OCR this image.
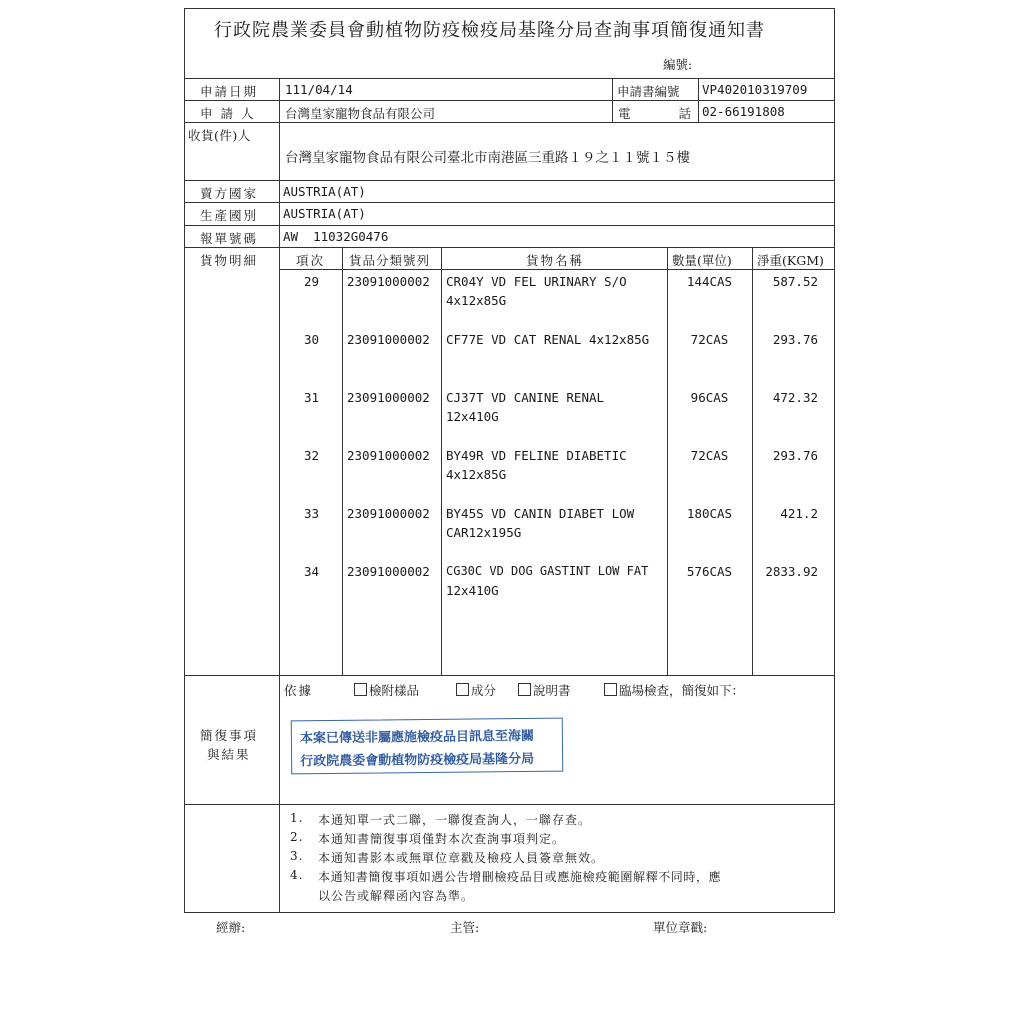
行政院農業委員會動植物防疫檢疫局基隆分局查詢事項簡復通知書
編號:
申請日期 111/04/14	申請書編號 VP402010319709
申 請 人 台灣皇家寵物食品有限公司	電 話 02-66191808
收貨(件)人
台灣皇家寵物食品有限公司臺北市南港區三重路１９之１１號１５樓
賣方國家 AUSTRIA(AT)
生產國別 AUSTRIA(AT)
報單號碼 AW  11032G0476
貨物明細	項次 貨品分類號列	貨物名稱	數量(單位) 淨重(KGM)
29 23091000002 CR04Y VD FEL URINARY S/O
4x12x85G
144CAS	587.52
30 23091000002 CF77E VD CAT RENAL 4x12x85G	72CAS	293.76
31 23091000002 CJ37T VD CANINE RENAL
12x410G
96CAS	472.32
32 23091000002 BY49R VD FELINE DIABETIC
4x12x85G
72CAS	293.76
33 23091000002 BY45S VD CANIN DIABET LOW
CAR12x195G
180CAS	421.2
34 23091000002 CG30C VD DOG GASTINT LOW FAT
12x410G
576CAS	2833.92
簡復事項
與結果
依據	檢附樣品	成分	說明書	臨場檢查，簡復如下：
本案已傳送非屬應施檢疫品目訊息至海關
行政院農委會動植物防疫檢疫局基隆分局
1. 本通知單一式二聯，一聯復查詢人，一聯存查。
2. 本通知書簡復事項僅對本次查詢事項判定。
3. 本通知書影本或無單位章戳及檢疫人員簽章無效。
4. 本通知書簡復事項如遇公告增刪檢疫品目或應施檢疫範圍解釋不同時，應
以公告或解釋函內容為準。
經辦:	主管:	單位章戳:
